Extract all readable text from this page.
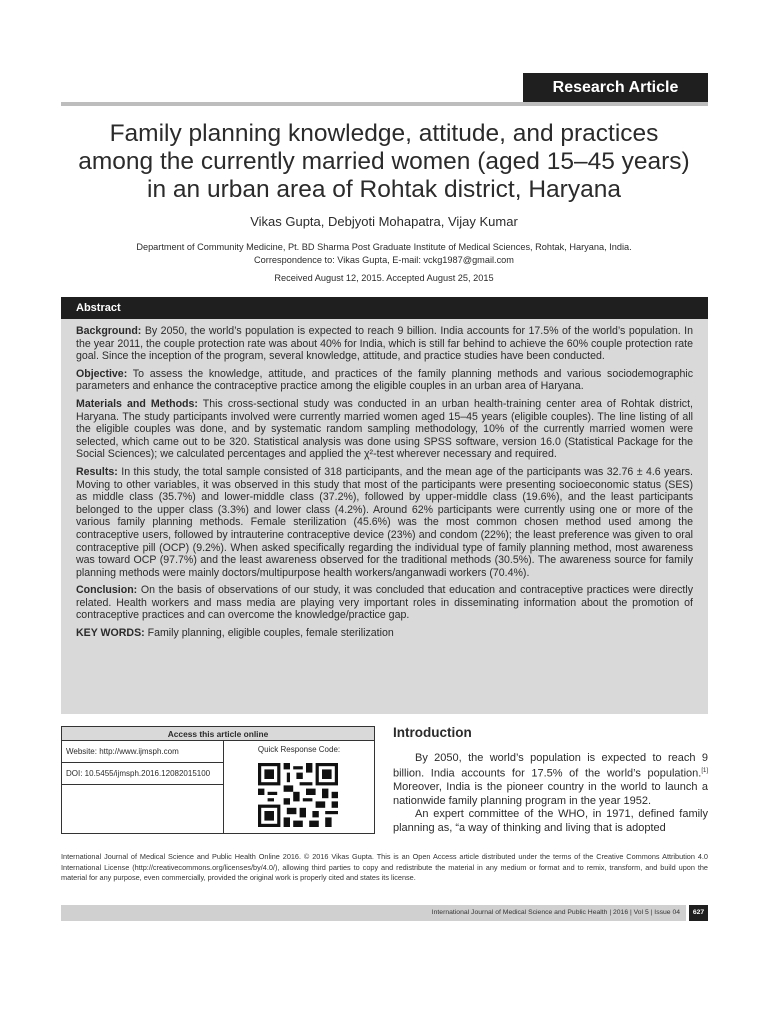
Research Article
Family planning knowledge, attitude, and practices
among the currently married women (aged 15–45 years)
in an urban area of Rohtak district, Haryana
Vikas Gupta, Debjyoti Mohapatra, Vijay Kumar
Department of Community Medicine, Pt. BD Sharma Post Graduate Institute of Medical Sciences, Rohtak, Haryana, India.
Correspondence to: Vikas Gupta, E-mail: vckg1987@gmail.com
Received August 12, 2015. Accepted August 25, 2015
Abstract

Background: By 2050, the world’s population is expected to reach 9 billion. India accounts for 17.5% of the world’s population. In the year 2011, the couple protection rate was about 40% for India, which is still far behind to achieve the 60% couple protection rate goal. Since the inception of the program, several knowledge, attitude, and practice studies have been conducted.

Objective: To assess the knowledge, attitude, and practices of the family planning methods and various sociodemographic parameters and enhance the contraceptive practice among the eligible couples in an urban area of Haryana.

Materials and Methods: This cross-sectional study was conducted in an urban health-training center area of Rohtak district, Haryana. The study participants involved were currently married women aged 15–45 years (eligible couples). The line listing of all the eligible couples was done, and by systematic random sampling methodology, 10% of the currently married women were selected, which came out to be 320. Statistical analysis was done using SPSS software, version 16.0 (Statistical Package for the Social Sciences); we calculated percentages and applied the χ²-test wherever necessary and required.

Results: In this study, the total sample consisted of 318 participants, and the mean age of the participants was 32.76 ± 4.6 years. Moving to other variables, it was observed in this study that most of the participants were presenting socioeconomic status (SES) as middle class (35.7%) and lower-middle class (37.2%), followed by upper-middle class (19.6%), and the least participants belonged to the upper class (3.3%) and lower class (4.2%). Around 62% participants were currently using one or more of the various family planning methods. Female sterilization (45.6%) was the most common chosen method used among the contraceptive users, followed by intrauterine contraceptive device (23%) and condom (22%); the least preference was given to oral contraceptive pill (OCP) (9.2%). When asked specifically regarding the individual type of family planning method, most awareness was toward OCP (97.7%) and the least awareness observed for the traditional methods (30.5%). The awareness source for family planning methods were mainly doctors/multipurpose health workers/anganwadi workers (70.4%).

Conclusion: On the basis of observations of our study, it was concluded that education and contraceptive practices were directly related. Health workers and mass media are playing very important roles in disseminating information about the promotion of contraceptive practices and can overcome the knowledge/practice gap.

KEY WORDS: Family planning, eligible couples, female sterilization

Access this article online
Website: http://www.ijmsph.com
DOI: 10.5455/ijmsph.2016.12082015100
Quick Response Code:
Introduction

By 2050, the world’s population is expected to reach 9 billion. India accounts for 17.5% of the world’s population.[1] Moreover, India is the pioneer country in the world to launch a nationwide family planning program in the year 1952.

An expert committee of the WHO, in 1971, defined family planning as, “a way of thinking and living that is adopted

International Journal of Medical Science and Public Health Online 2016. © 2016 Vikas Gupta. This is an Open Access article distributed under the terms of the Creative Commons Attribution 4.0 International License (http://creativecommons.org/licenses/by/4.0/), allowing third parties to copy and redistribute the material in any medium or format and to remix, transform, and build upon the material for any purpose, even commercially, provided the original work is properly cited and states its license.
International Journal of Medical Science and Public Health | 2016 | Vol 5 | Issue 04	627
